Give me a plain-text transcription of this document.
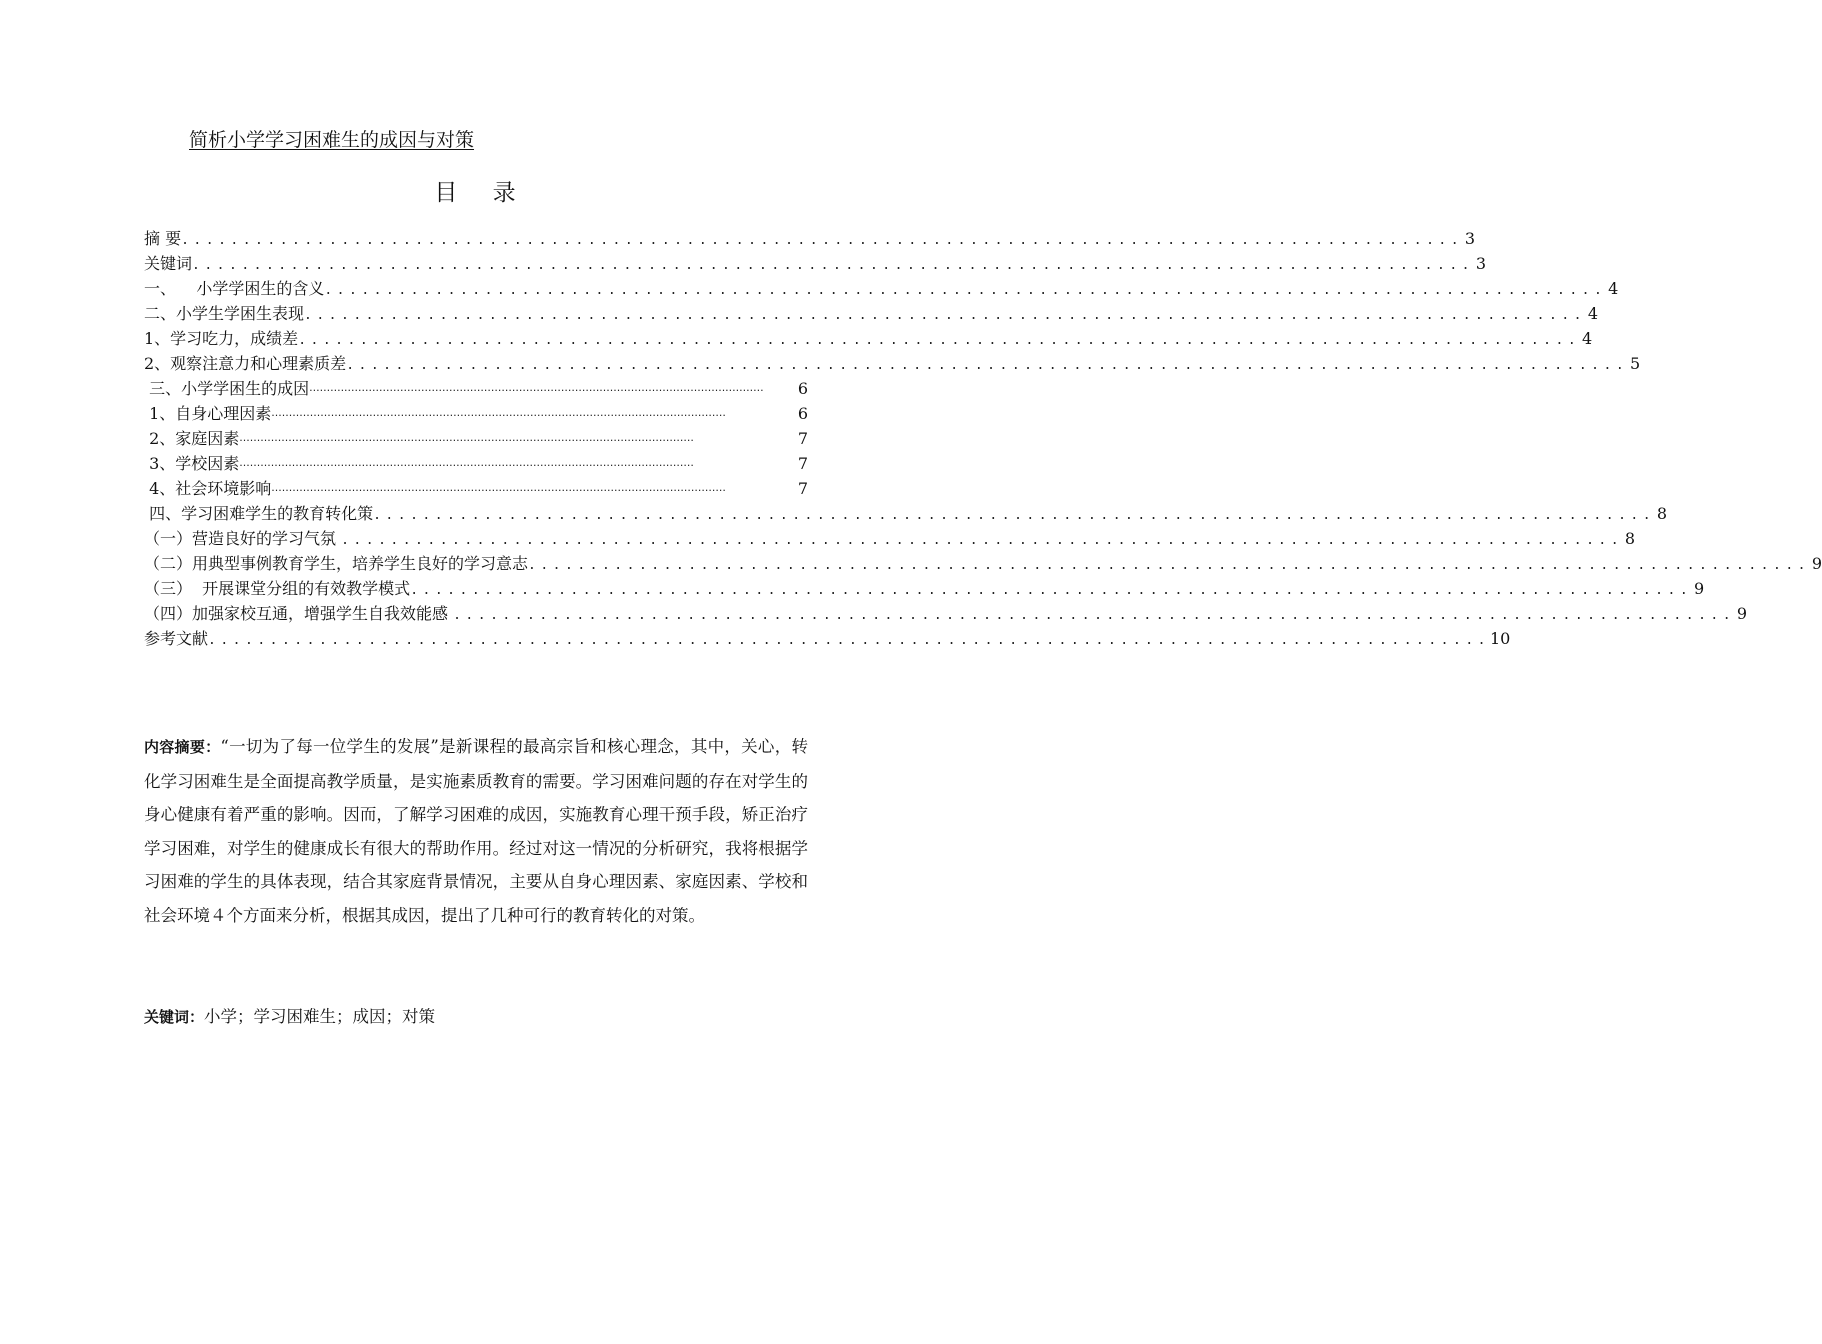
简析小学学习困难生的成因与对策
目 录
摘 要 ........................................................................................................ 3
关键词 ........................................................................................................ 3
一、    小学学困生的含义 ........................................................................................................ 4
二、小学生学困生表现 ........................................................................................................ 4
1、学习吃力，成绩差 ........................................................................................................ 4
2、观察注意力和心理素质差 ........................................................................................................ 5
三、小学学困生的成因 ··································································································································	6
1、自身心理因素 ··································································································································	6
2、家庭因素 ··································································································································	7
3、学校因素 ··································································································································	7
4、社会环境影响 ··································································································································	7
四、学习困难学生的教育转化策 ........................................................................................................ 8
（一）营造良好的学习气氛 ........................................................................................................ 8
（二）用典型事例教育学生，培养学生良好的学习意志 ........................................................................................................ 9
（三）  开展课堂分组的有效教学模式 ........................................................................................................ 9
（四）加强家校互通，增强学生自我效能感 ........................................................................................................ 9
参考文献 ........................................................................................................ 10
内容摘要：“一切为了每一位学生的发展”是新课程的最高宗旨和核心理念，其中，关心，转化学习困难生是全面提高教学质量，是实施素质教育的需要。学习困难问题的存在对学生的身心健康有着严重的影响。因而，了解学习困难的成因，实施教育心理干预手段，矫正治疗学习困难，对学生的健康成长有很大的帮助作用。经过对这一情况的分析研究，我将根据学习困难的学生的具体表现，结合其家庭背景情况，主要从自身心理因素、家庭因素、学校和社会环境４个方面来分析，根据其成因，提出了几种可行的教育转化的对策。
关键词：小学；学习困难生；成因；对策
